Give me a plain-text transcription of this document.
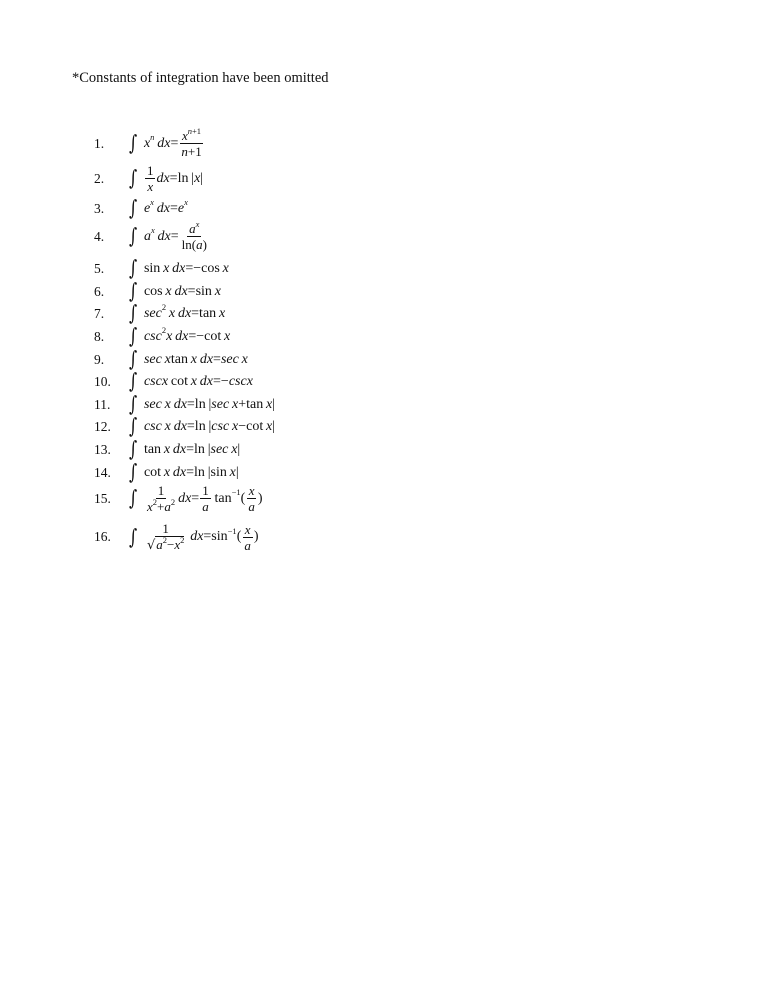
*Constants of integration have been omitted
1.	∫ x $^n$
  dx = $\frac{x^{n+1}}{n+1}$
2.	∫ $\frac{1}{x}$ dx =ln | x |
3.	∫ e $^x$
  dx = e $^x$
4.	∫ a $^x$
  dx = $\frac{a^x}{\ln(a)}$
5.	∫ sin  x
  dx =−cos  x
6.	∫ cos  x
  dx =sin  x
7.	∫ $\sec^2$
  x
  dx =tan  x
8.	∫ $\csc^2 x$
  dx =−cot  x
9.	∫ sec
  x tan  x
  dx = sec
  x
10. ∫ cscx  cot  x
  dx =− cscx
11. ∫ sec
  x
  dx =ln | sec
  x +tan  x |
12. ∫ csc
  x
  dx =ln | csc
  x −cot  x |
13. ∫ tan  x
  dx =ln | sec
  x |
14. ∫ cot  x
  dx =ln |sin  x |
15. ∫ $\frac{1}{x^2+a^2}$ dx = $\frac{1}{a} \tan^{-1}$ ( $\frac{x}{a}$ )
16. ∫ $\frac{1}{√a^2-x^2}$
  dx $=\sin^{-1}$ ( $\frac{x}{a}$ )
